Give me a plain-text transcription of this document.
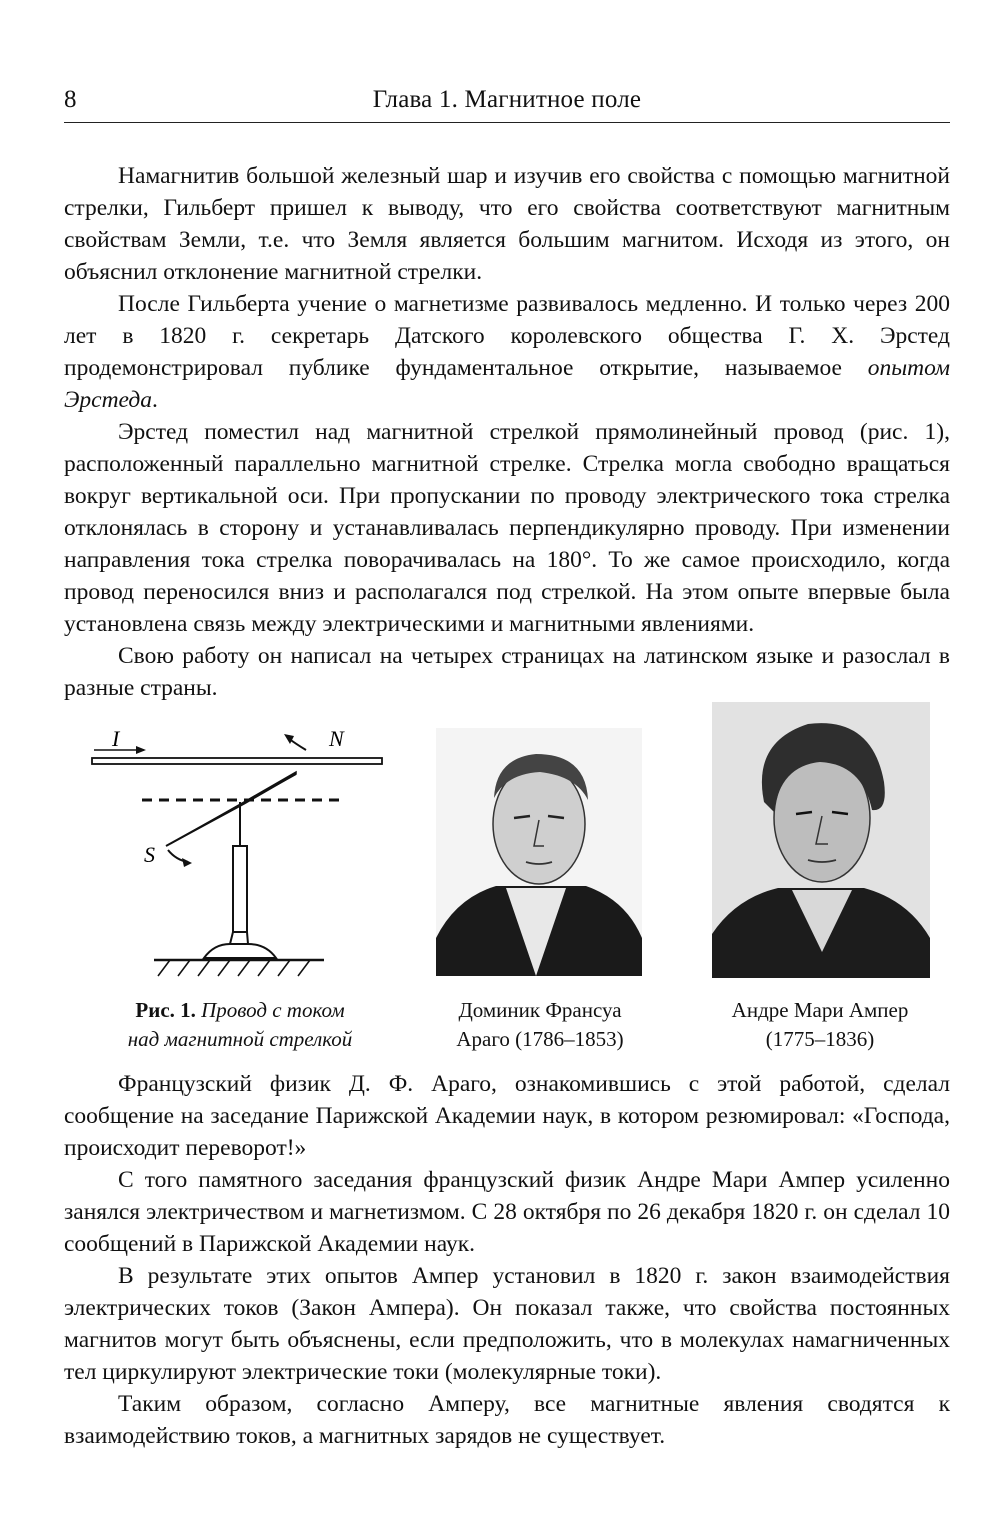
8	Глава 1. Магнитное поле

Намагнитив большой железный шар и изучив его свойства с помощью магнитной стрелки, Гильберт пришел к выводу, что его свойства соответствуют магнитным свойствам Земли, т.е. что Земля является большим магнитом. Исходя из этого, он объяснил отклонение магнитной стрелки.

После Гильберта учение о магнетизме развивалось медленно. И только через 200 лет в 1820 г. секретарь Датского королевского общества Г. Х. Эрстед продемонстрировал публике фундаментальное открытие, называемое опытом Эрстеда.

Эрстед поместил над магнитной стрелкой прямолинейный провод (рис. 1), расположенный параллельно магнитной стрелке. Стрелка могла свободно вращаться вокруг вертикальной оси. При пропускании по проводу электрического тока стрелка отклонялась в сторону и устанавливалась перпендикулярно проводу. При изменении направления тока стрелка поворачивалась на 180°. То же самое происходило, когда провод переносился вниз и располагался под стрелкой. На этом опыте впервые была установлена связь между электрическими и магнитными явлениями.

Свою работу он написал на четырех страницах на латинском языке и разослал в разные страны.

I	N
S
Рис. 1. Провод с током
над магнитной стрелкой
Доминик Франсуа
Араго (1786–1853)
Андре Мари Ампер
(1775–1836)

Французский физик Д. Ф. Араго, ознакомившись с этой работой, сделал сообщение на заседание Парижской Академии наук, в котором резюмировал: «Господа, происходит переворот!»

С того памятного заседания французский физик Андре Мари Ампер усиленно занялся электричеством и магнетизмом. С 28 октября по 26 декабря 1820 г. он сделал 10 сообщений в Парижской Академии наук.

В результате этих опытов Ампер установил в 1820 г. закон взаимодействия электрических токов (Закон Ампера). Он показал также, что свойства постоянных магнитов могут быть объяснены, если предположить, что в молекулах намагниченных тел циркулируют электрические токи (молекулярные токи).

Таким образом, согласно Амперу, все магнитные явления сводятся к взаимодействию токов, а магнитных зарядов не существует.
